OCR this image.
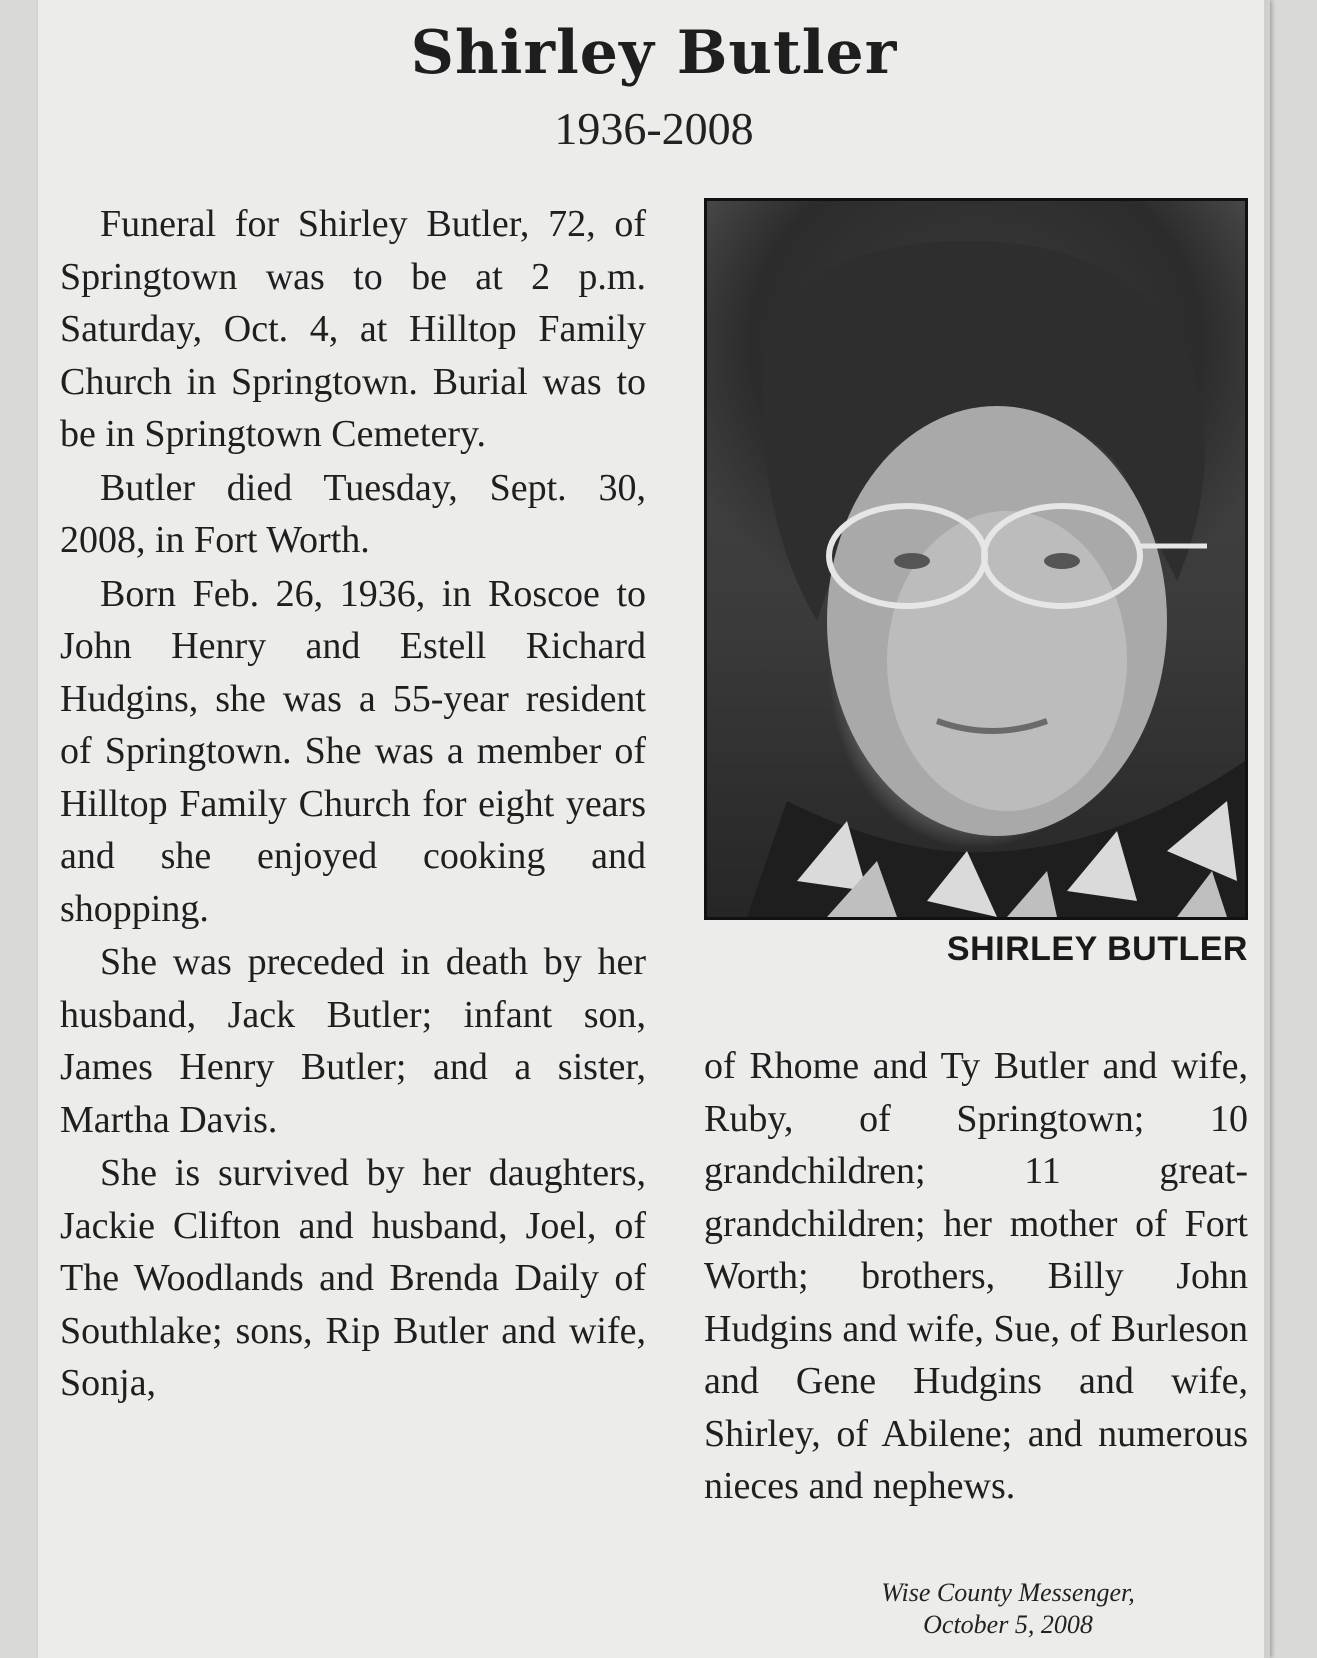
Shirley Butler
1936-2008

Funeral for Shirley Butler, 72, of Springtown was to be at 2 p.m. Saturday, Oct. 4, at Hilltop Family Church in Springtown. Burial was to be in Springtown Cemetery.

Butler died Tuesday, Sept. 30, 2008, in Fort Worth.

Born Feb. 26, 1936, in Roscoe to John Henry and Estell Richard Hudgins, she was a 55-year resident of Springtown. She was a member of Hilltop Family Church for eight years and she enjoyed cooking and shopping.

She was preceded in death by her husband, Jack Butler; infant son, James Henry Butler; and a sister, Martha Davis.

She is survived by her daughters, Jackie Clifton and husband, Joel, of The Woodlands and Brenda Daily of Southlake; sons, Rip Butler and wife, Sonja,

SHIRLEY BUTLER

of Rhome and Ty Butler and wife, Ruby, of Springtown; 10 grandchildren; 11 great-grandchildren; her mother of Fort Worth; brothers, Billy John Hudgins and wife, Sue, of Burleson and Gene Hudgins and wife, Shirley, of Abilene; and numerous nieces and nephews.

Wise County Messenger,
October 5, 2008
